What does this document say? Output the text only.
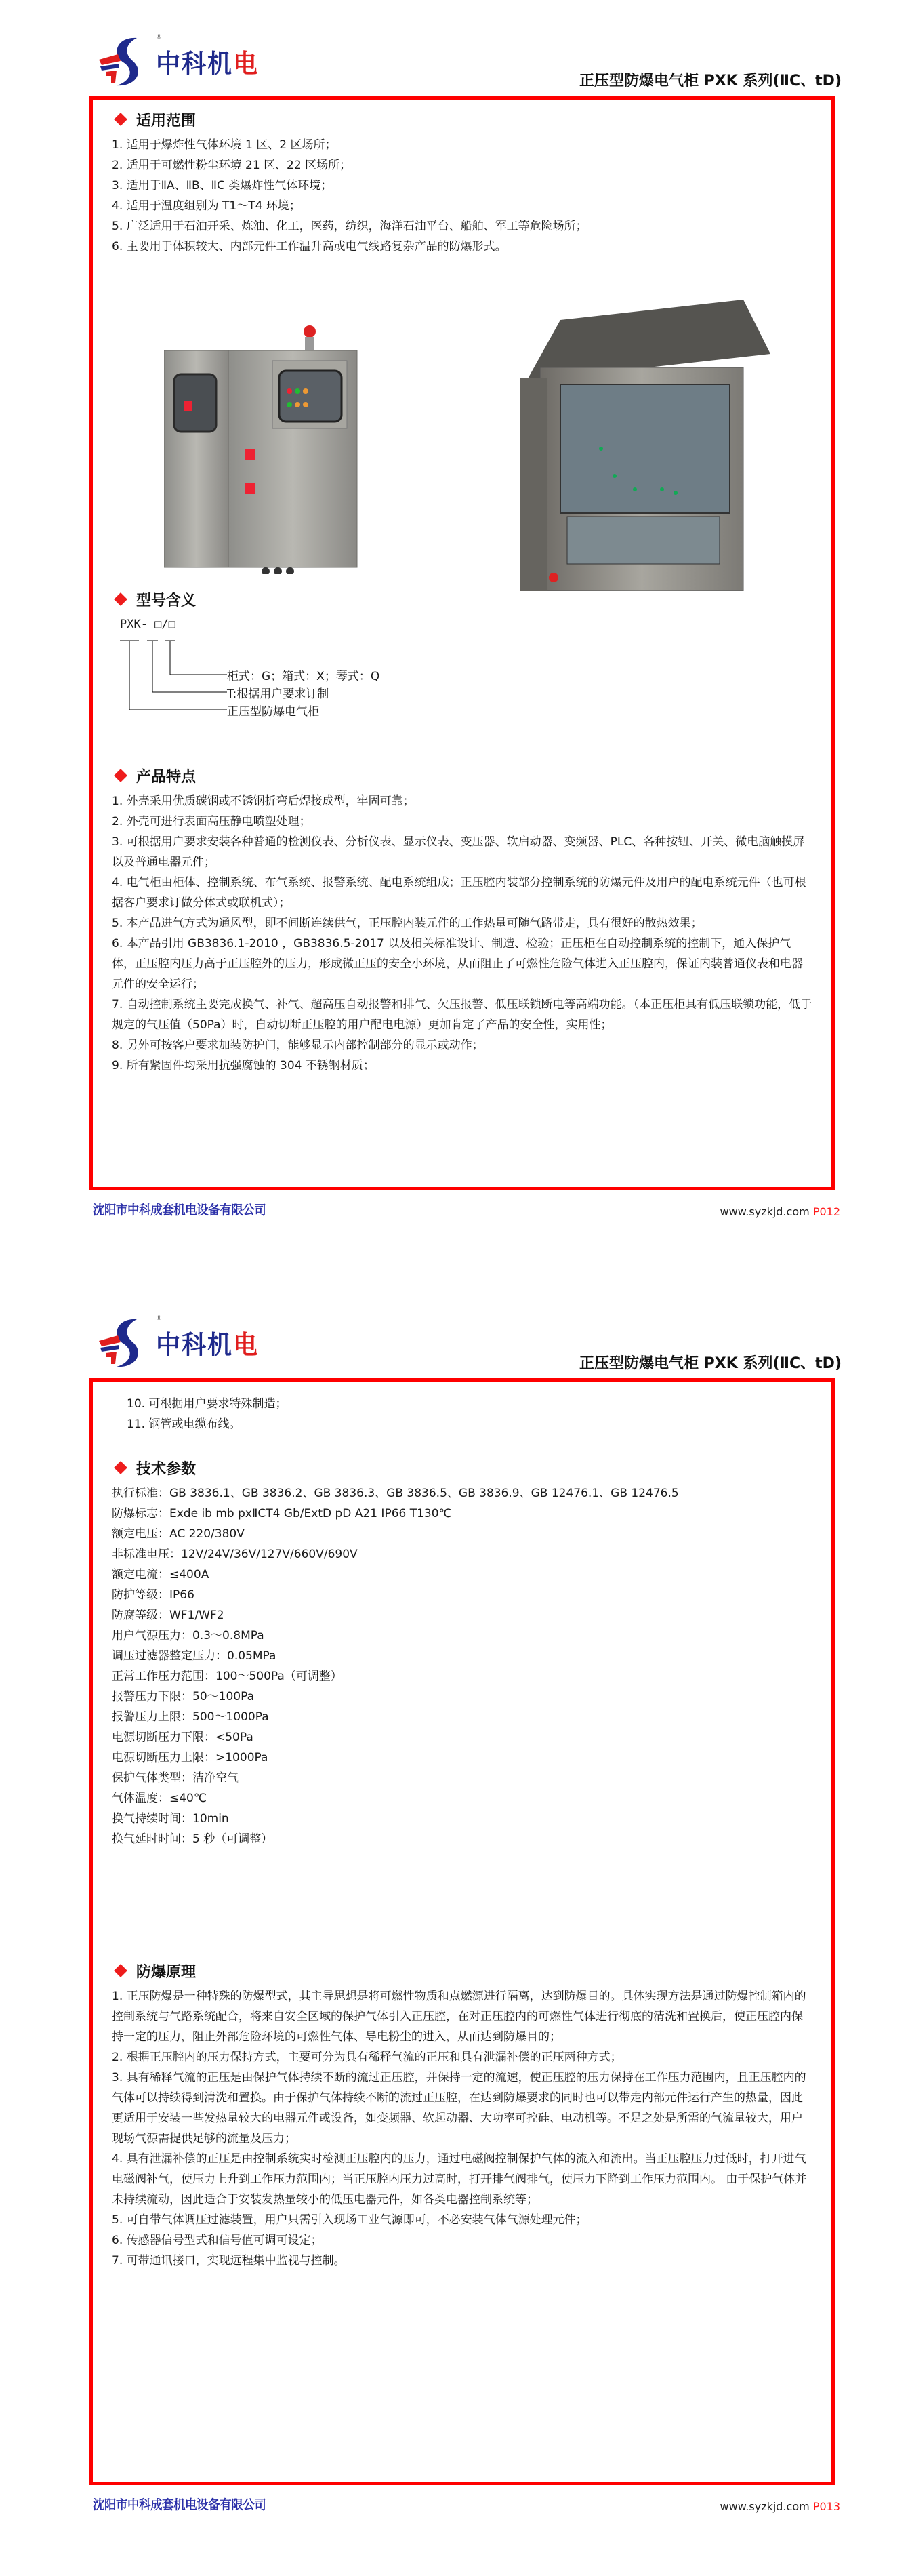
®
中科机电
正压型防爆电气柜 PXK 系列(ⅡC、tD)
适用范围
1. 适用于爆炸性气体环境 1 区、2 区场所；
2. 适用于可燃性粉尘环境 21 区、22 区场所；
3. 适用于ⅡA、ⅡB、ⅡC 类爆炸性气体环境；
4. 适用于温度组别为 T1～T4 环境；
5. 广泛适用于石油开采、炼油、化工，医药，纺织，海洋石油平台、船舶、军工等危险场所；
6. 主要用于体积较大、内部元件工作温升高或电气线路复杂产品的防爆形式。
型号含义
PXK- □/□
柜式：G；箱式：X；琴式：Q
T:根据用户要求订制
正压型防爆电气柜
产品特点
1. 外壳采用优质碳钢或不锈钢折弯后焊接成型，牢固可靠；
2. 外壳可进行表面高压静电喷塑处理；
3. 可根据用户要求安装各种普通的检测仪表、分析仪表、显示仪表、变压器、软启动器、变频器、PLC、各种按钮、开关、微电脑触摸屏以及普通电器元件；
4. 电气柜由柜体、控制系统、布气系统、报警系统、配电系统组成；正压腔内装部分控制系统的防爆元件及用户的配电系统元件（也可根据客户要求订做分体式或联机式）；
5. 本产品进气方式为通风型，即不间断连续供气，正压腔内装元件的工作热量可随气路带走，具有很好的散热效果；
6. 本产品引用 GB3836.1-2010 ，GB3836.5-2017 以及相关标准设计、制造、检验；正压柜在自动控制系统的控制下，通入保护气体，正压腔内压力高于正压腔外的压力，形成微正压的安全小环境，从而阻止了可燃性危险气体进入正压腔内，保证内装普通仪表和电器元件的安全运行；
7. 自动控制系统主要完成换气、补气、超高压自动报警和排气、欠压报警、低压联锁断电等高端功能。（本正压柜具有低压联锁功能，低于规定的气压值（50Pa）时，自动切断正压腔的用户配电电源）更加肯定了产品的安全性，实用性；
8. 另外可按客户要求加装防护门，能够显示内部控制部分的显示或动作；
9. 所有紧固件均采用抗强腐蚀的 304 不锈钢材质；
沈阳市中科成套机电设备有限公司	www.syzkjd.com P012
®
中科机电
正压型防爆电气柜 PXK 系列(ⅡC、tD)
10. 可根据用户要求特殊制造；
11. 钢管或电缆布线。
技术参数
执行标准：GB 3836.1、GB 3836.2、GB 3836.3、GB 3836.5、GB 3836.9、GB 12476.1、GB 12476.5
防爆标志：Exde ib mb pxⅡCT4 Gb/ExtD pD A21 IP66 T130℃
额定电压：AC 220/380V
非标准电压：12V/24V/36V/127V/660V/690V
额定电流：≤400A
防护等级：IP66
防腐等级：WF1/WF2
用户气源压力：0.3～0.8MPa
调压过滤器整定压力：0.05MPa
正常工作压力范围：100～500Pa（可调整）
报警压力下限：50～100Pa
报警压力上限：500～1000Pa
电源切断压力下限：<50Pa
电源切断压力上限：>1000Pa
保护气体类型：洁净空气
气体温度：≤40℃
换气持续时间：10min
换气延时时间：5 秒（可调整）
防爆原理
1. 正压防爆是一种特殊的防爆型式，其主导思想是将可燃性物质和点燃源进行隔离，达到防爆目的。具体实现方法是通过防爆控制箱内的控制系统与气路系统配合，将来自安全区域的保护气体引入正压腔，在对正压腔内的可燃性气体进行彻底的清洗和置换后，使正压腔内保持一定的压力，阻止外部危险环境的可燃性气体、导电粉尘的进入，从而达到防爆目的；
2. 根据正压腔内的压力保持方式，主要可分为具有稀释气流的正压和具有泄漏补偿的正压两种方式；
3. 具有稀释气流的正压是由保护气体持续不断的流过正压腔，并保持一定的流速，使正压腔的压力保持在工作压力范围内，且正压腔内的气体可以持续得到清洗和置换。由于保护气体持续不断的流过正压腔，在达到防爆要求的同时也可以带走内部元件运行产生的热量，因此更适用于安装一些发热量较大的电器元件或设备，如变频器、软起动器、大功率可控硅、电动机等。不足之处是所需的气流量较大，用户现场气源需提供足够的流量及压力；
4. 具有泄漏补偿的正压是由控制系统实时检测正压腔内的压力，通过电磁阀控制保护气体的流入和流出。当正压腔压力过低时，打开进气电磁阀补气，使压力上升到工作压力范围内；当正压腔内压力过高时，打开排气阀排气，使压力下降到工作压力范围内。 由于保护气体并未持续流动，因此适合于安装发热量较小的低压电器元件，如各类电器控制系统等；
5. 可自带气体调压过滤装置，用户只需引入现场工业气源即可，不必安装气体气源处理元件；
6. 传感器信号型式和信号值可调可设定；
7. 可带通讯接口，实现远程集中监视与控制。
沈阳市中科成套机电设备有限公司	www.syzkjd.com P013
